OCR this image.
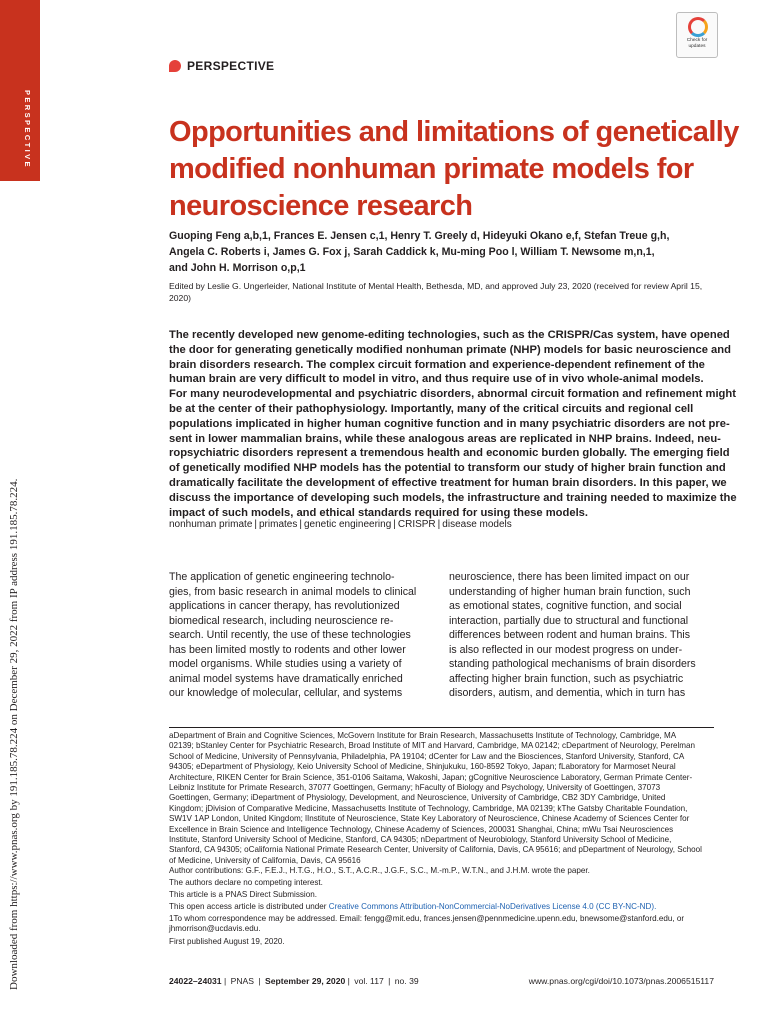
PERSPECTIVE
Downloaded from https://www.pnas.org by 191.185.78.224 on December 29, 2022 from IP address 191.185.78.224.
Check for
updates
PERSPECTIVE
Opportunities and limitations of genetically
modified nonhuman primate models for
neuroscience research
Guoping Feng a,b,1, Frances E. Jensen c,1, Henry T. Greely d, Hideyuki Okano e,f, Stefan Treue g,h,
Angela C. Roberts i, James G. Fox j, Sarah Caddick k, Mu-ming Poo l, William T. Newsome m,n,1,
and John H. Morrison o,p,1
Edited by Leslie G. Ungerleider, National Institute of Mental Health, Bethesda, MD, and approved July 23, 2020 (received for review April 15, 2020)
The recently developed new genome-editing technologies, such as the CRISPR/Cas system, have opened
the door for generating genetically modified nonhuman primate (NHP) models for basic neuroscience and
brain disorders research. The complex circuit formation and experience-dependent refinement of the
human brain are very difficult to model in vitro, and thus require use of in vivo whole-animal models.
For many neurodevelopmental and psychiatric disorders, abnormal circuit formation and refinement might
be at the center of their pathophysiology. Importantly, many of the critical circuits and regional cell
populations implicated in higher human cognitive function and in many psychiatric disorders are not pre-
sent in lower mammalian brains, while these analogous areas are replicated in NHP brains. Indeed, neu-
ropsychiatric disorders represent a tremendous health and economic burden globally. The emerging field
of genetically modified NHP models has the potential to transform our study of higher brain function and
dramatically facilitate the development of effective treatment for human brain disorders. In this paper, we
discuss the importance of developing such models, the infrastructure and training needed to maximize the
impact of such models, and ethical standards required for using these models.
nonhuman primate | primates | genetic engineering | CRISPR | disease models
The application of genetic engineering technolo-
gies, from basic research in animal models to clinical
applications in cancer therapy, has revolutionized
biomedical research, including neuroscience re-
search. Until recently, the use of these technologies
has been limited mostly to rodents and other lower
model organisms. While studies using a variety of
animal model systems have dramatically enriched
our knowledge of molecular, cellular, and systems
neuroscience, there has been limited impact on our
understanding of higher human brain function, such
as emotional states, cognitive function, and social
interaction, partially due to structural and functional
differences between rodent and human brains. This
is also reflected in our modest progress on under-
standing pathological mechanisms of brain disorders
affecting higher brain function, such as psychiatric
disorders, autism, and dementia, which in turn has
aDepartment of Brain and Cognitive Sciences, McGovern Institute for Brain Research, Massachusetts Institute of Technology, Cambridge, MA
02139; bStanley Center for Psychiatric Research, Broad Institute of MIT and Harvard, Cambridge, MA 02142; cDepartment of Neurology, Perelman
School of Medicine, University of Pennsylvania, Philadelphia, PA 19104; dCenter for Law and the Biosciences, Stanford University, Stanford, CA
94305; eDepartment of Physiology, Keio University School of Medicine, Shinjukuku, 160-8592 Tokyo, Japan; fLaboratory for Marmoset Neural
Architecture, RIKEN Center for Brain Science, 351-0106 Saitama, Wakoshi, Japan; gCognitive Neuroscience Laboratory, German Primate Center-
Leibniz Institute for Primate Research, 37077 Goettingen, Germany; hFaculty of Biology and Psychology, University of Goettingen, 37073
Goettingen, Germany; iDepartment of Physiology, Development, and Neuroscience, University of Cambridge, CB2 3DY Cambridge, United
Kingdom; jDivision of Comparative Medicine, Massachusetts Institute of Technology, Cambridge, MA 02139; kThe Gatsby Charitable Foundation,
SW1V 1AP London, United Kingdom; lInstitute of Neuroscience, State Key Laboratory of Neuroscience, Chinese Academy of Sciences Center for
Excellence in Brain Science and Intelligence Technology, Chinese Academy of Sciences, 200031 Shanghai, China; mWu Tsai Neurosciences
Institute, Stanford University School of Medicine, Stanford, CA 94305; nDepartment of Neurobiology, Stanford University School of Medicine,
Stanford, CA 94305; oCalifornia National Primate Research Center, University of California, Davis, CA 95616; and pDepartment of Neurology, School
of Medicine, University of California, Davis, CA 95616
Author contributions: G.F., F.E.J., H.T.G., H.O., S.T., A.C.R., J.G.F., S.C., M.-m.P., W.T.N., and J.H.M. wrote the paper.
The authors declare no competing interest.
This article is a PNAS Direct Submission.
This open access article is distributed under Creative Commons Attribution-NonCommercial-NoDerivatives License 4.0 (CC BY-NC-ND).
1To whom correspondence may be addressed. Email: fengg@mit.edu, frances.jensen@pennmedicine.upenn.edu, bnewsome@stanford.edu, or
jhmorrison@ucdavis.edu.
First published August 19, 2020.
24022–24031 | PNAS | September 29, 2020 | vol. 117 | no. 39	www.pnas.org/cgi/doi/10.1073/pnas.2006515117
